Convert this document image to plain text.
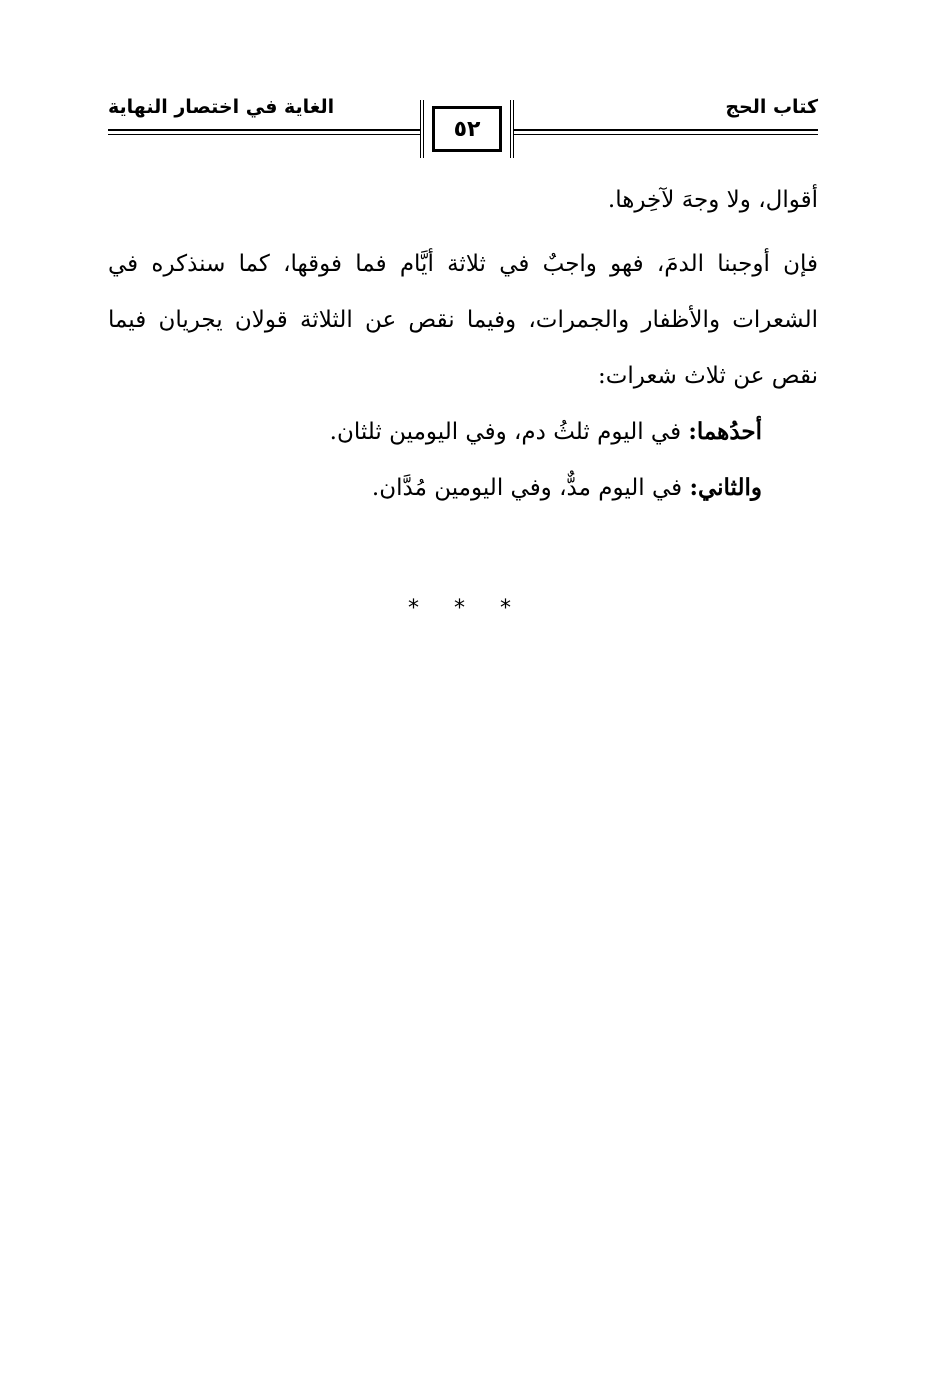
الغاية في اختصار النهاية	كتاب الحج
٥٢

أقوال، ولا وجهَ لآخِرها.

فإن أوجبنا الدمَ، فهو واجبٌ في ثلاثة أيَّام فما فوقها، كما سنذكره في الشعرات والأظفار والجمرات، وفيما نقص عن الثلاثة قولان يجريان فيما نقص عن ثلاث شعرات:

أحدُهما: في اليوم ثلثُ دم، وفي اليومين ثلثان.

والثاني: في اليوم مدٌّ، وفي اليومين مُدَّان.

* * *
